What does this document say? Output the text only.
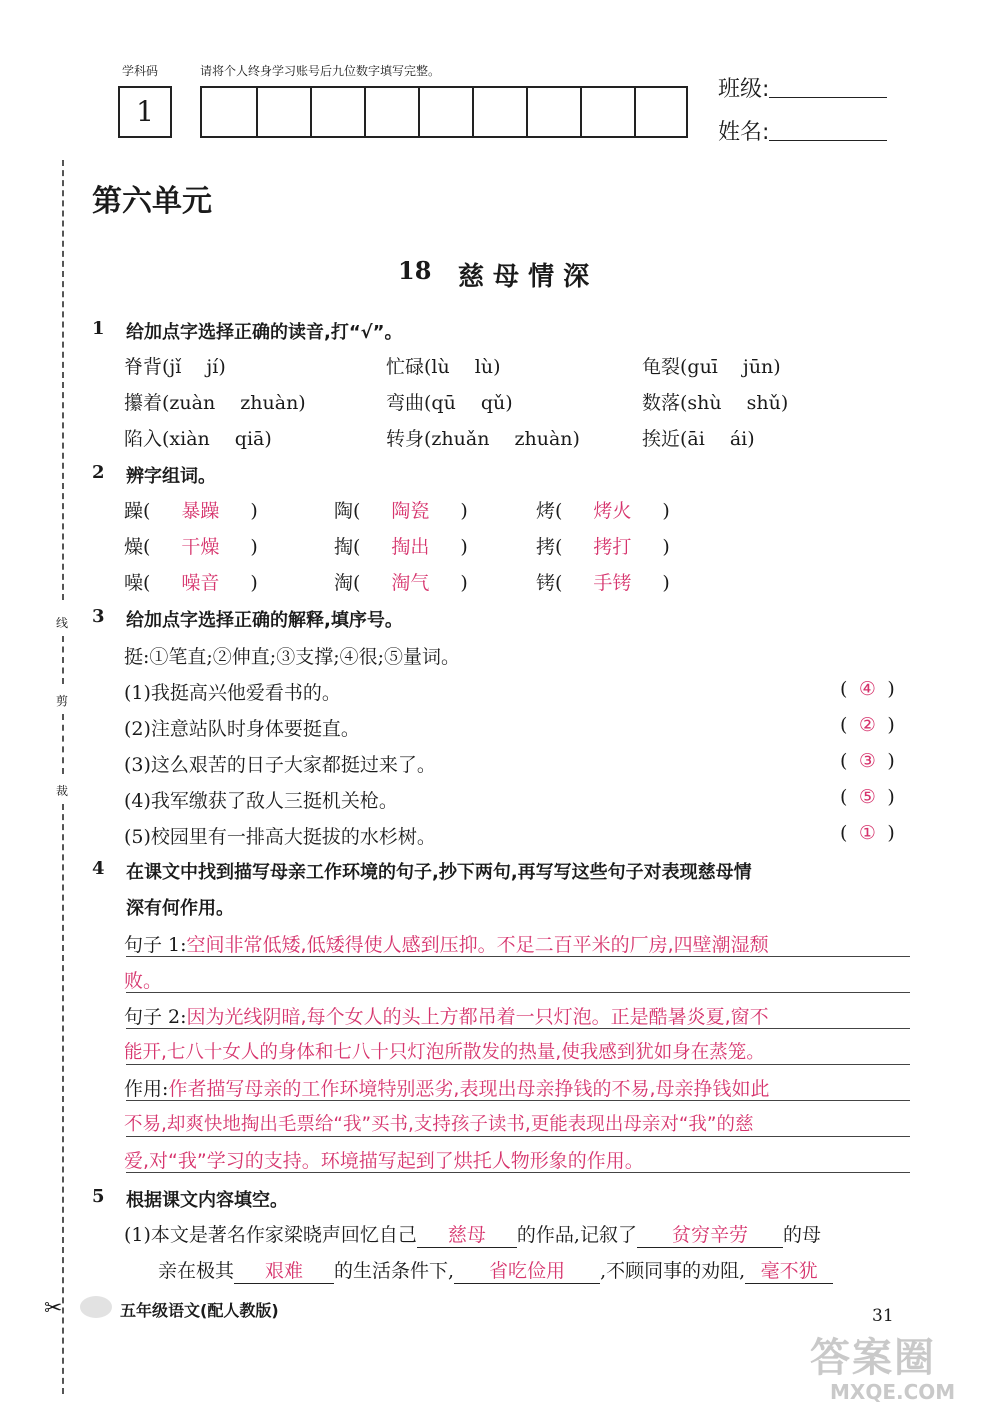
学科码	请将个人终身学习账号后九位数字填写完整。
1
班级:
姓名:
线
剪
裁
第六单元
18 慈 母 情 深
1 给加点字选择正确的读音,打“√”。
脊背(jǐ　 jí)	忙碌(lù　 lù)	龟裂(guī　 jūn)
攥着(zuàn　 zhuàn)	弯曲(qū　 qǔ)	数落(shù　 shǔ)
陷入(xiàn　 qiā)	转身(zhuǎn　 zhuàn)	挨近(āi　 ái)
2 辨字组词。
躁( 暴躁 )	陶( 陶瓷 )	烤( 烤火 )
燥( 干燥 )	掏( 掏出 )	拷( 拷打 )
噪( 噪音 )	淘( 淘气 )	铐( 手铐 )
3 给加点字选择正确的解释,填序号。
挺:①笔直;②伸直;③支撑;④很;⑤量词。
(1)我挺高兴他爱看书的。	( ④ )
(2)注意站队时身体要挺直。	( ② )
(3)这么艰苦的日子大家都挺过来了。	( ③ )
(4)我军缴获了敌人三挺机关枪。	( ⑤ )
(5)校园里有一排高大挺拔的水杉树。	( ① )
4 在课文中找到描写母亲工作环境的句子,抄下两句,再写写这些句子对表现慈母情
深有何作用。
句子 1:空间非常低矮,低矮得使人感到压抑。不足二百平米的厂房,四壁潮湿颓
败。
句子 2:因为光线阴暗,每个女人的头上方都吊着一只灯泡。正是酷暑炎夏,窗不
能开,七八十女人的身体和七八十只灯泡所散发的热量,使我感到犹如身在蒸笼。
作用:作者描写母亲的工作环境特别恶劣,表现出母亲挣钱的不易,母亲挣钱如此
不易,却爽快地掏出毛票给“我”买书,支持孩子读书,更能表现出母亲对“我”的慈
爱,对“我”学习的支持。环境描写起到了烘托人物形象的作用。
5 根据课文内容填空。
(1)本文是著名作家梁晓声回忆自己 慈母 的作品,记叙了 贫穷辛劳 的母
亲在极其 艰难 的生活条件下, 省吃俭用 ,不顾同事的劝阻, 毫不犹
✂	五年级语文(配人教版)	31
答案圈
MXQE.COM
